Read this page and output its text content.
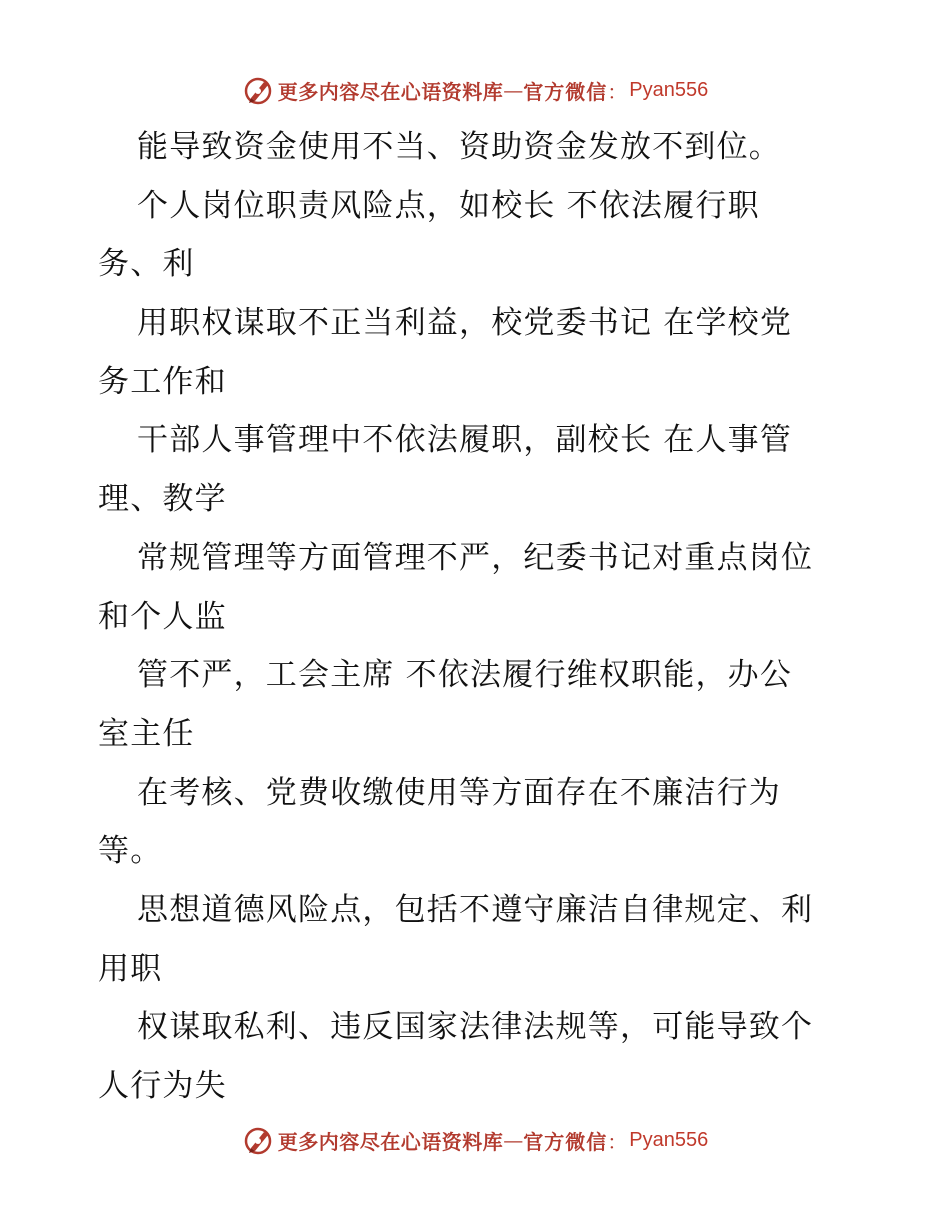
更多内容尽在心语资料库 — 官方微信 ： Pyan556
能导致资金使用不当、资助资金发放不到位。
个人岗位职责风险点，如校长 不依法履行职
务、利
用职权谋取不正当利益，校党委书记 在学校党
务工作和
干部人事管理中不依法履职，副校长 在人事管
理、教学
常规管理等方面管理不严，纪委书记对重点岗位
和个人监
管不严，工会主席 不依法履行维权职能，办公
室主任
在考核、党费收缴使用等方面存在不廉洁行为
等。
思想道德风险点，包括不遵守廉洁自律规定、利
用职
权谋取私利、违反国家法律法规等，可能导致个
人行为失
更多内容尽在心语资料库 — 官方微信 ： Pyan556
